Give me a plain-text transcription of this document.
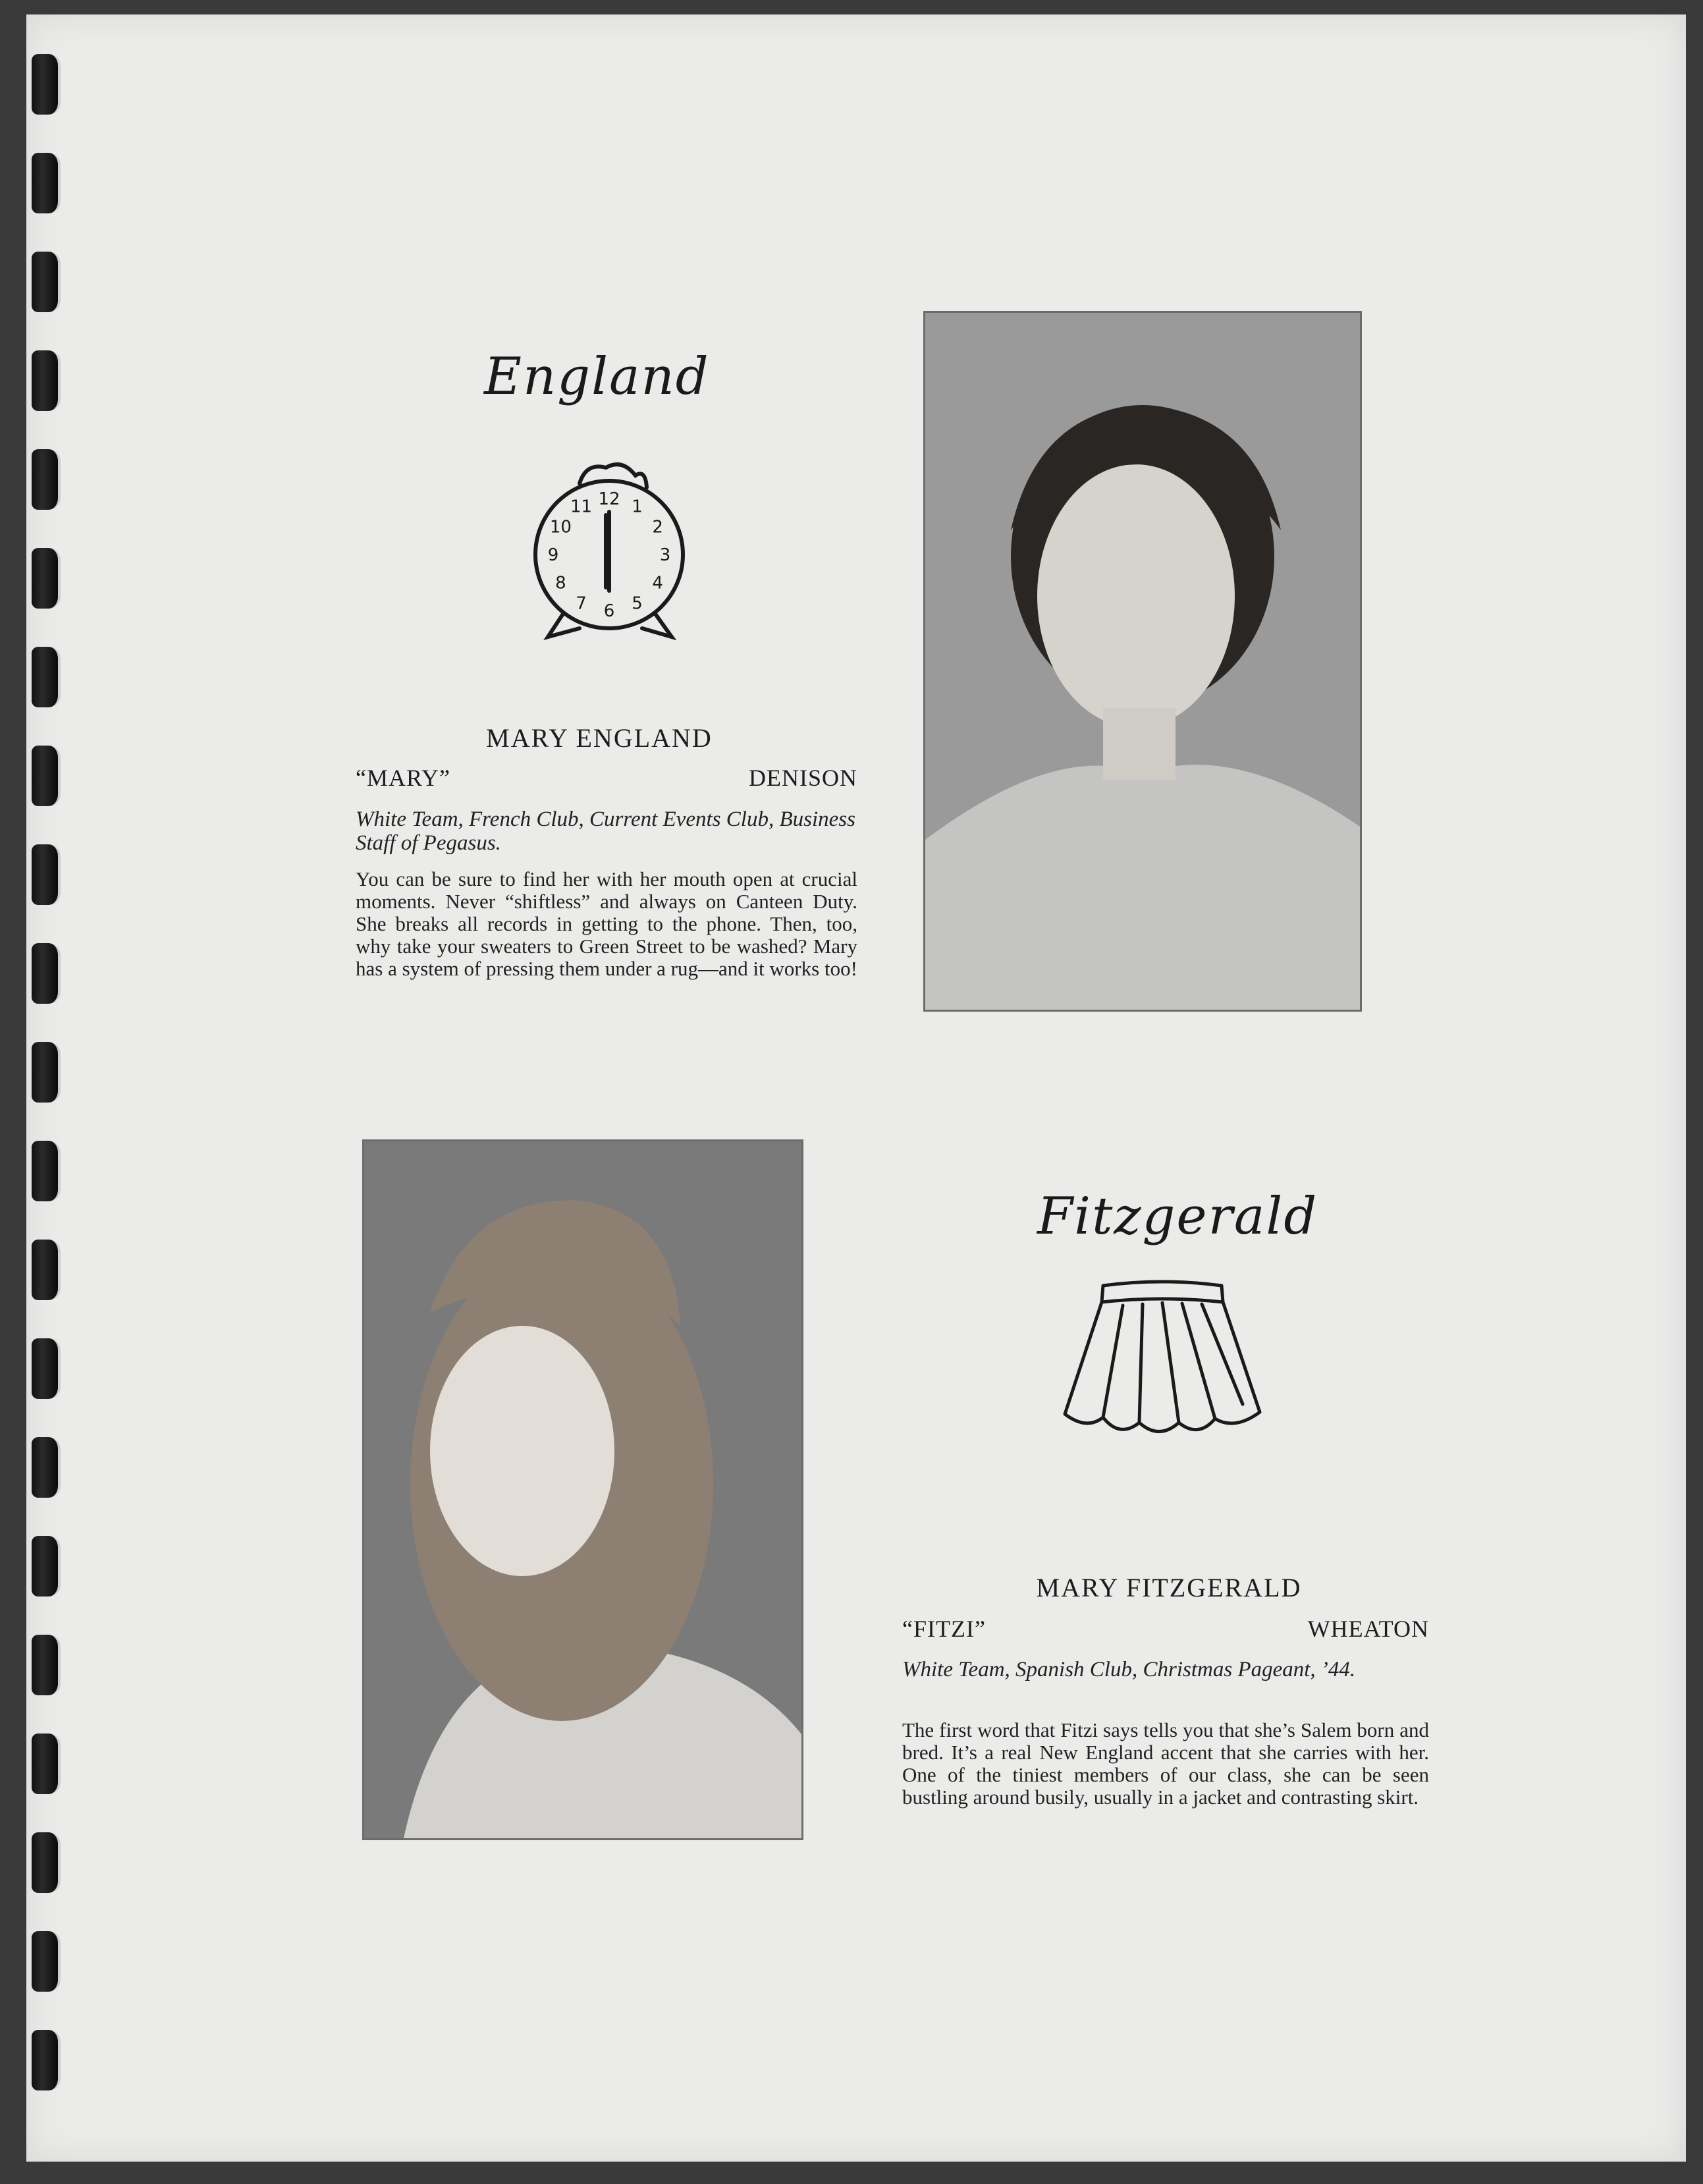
England
12 1
2
3
4
5
6
7
8
9
10
11
MARY ENGLAND
“MARY”	DENISON
White Team, French Club, Current Events Club, Business Staff of Pegasus.
You can be sure to find her with her mouth open at crucial moments. Never “shiftless” and always on Canteen Duty. She breaks all records in getting to the phone. Then, too, why take your sweaters to Green Street to be washed? Mary has a system of pressing them under a rug—and it works too!
Fitzgerald
MARY FITZGERALD
“FITZI”	WHEATON
White Team, Spanish Club, Christmas Pageant, ’44.
The first word that Fitzi says tells you that she’s Salem born and bred. It’s a real New England accent that she carries with her. One of the tiniest members of our class, she can be seen bustling around busily, usually in a jacket and contrasting skirt.
